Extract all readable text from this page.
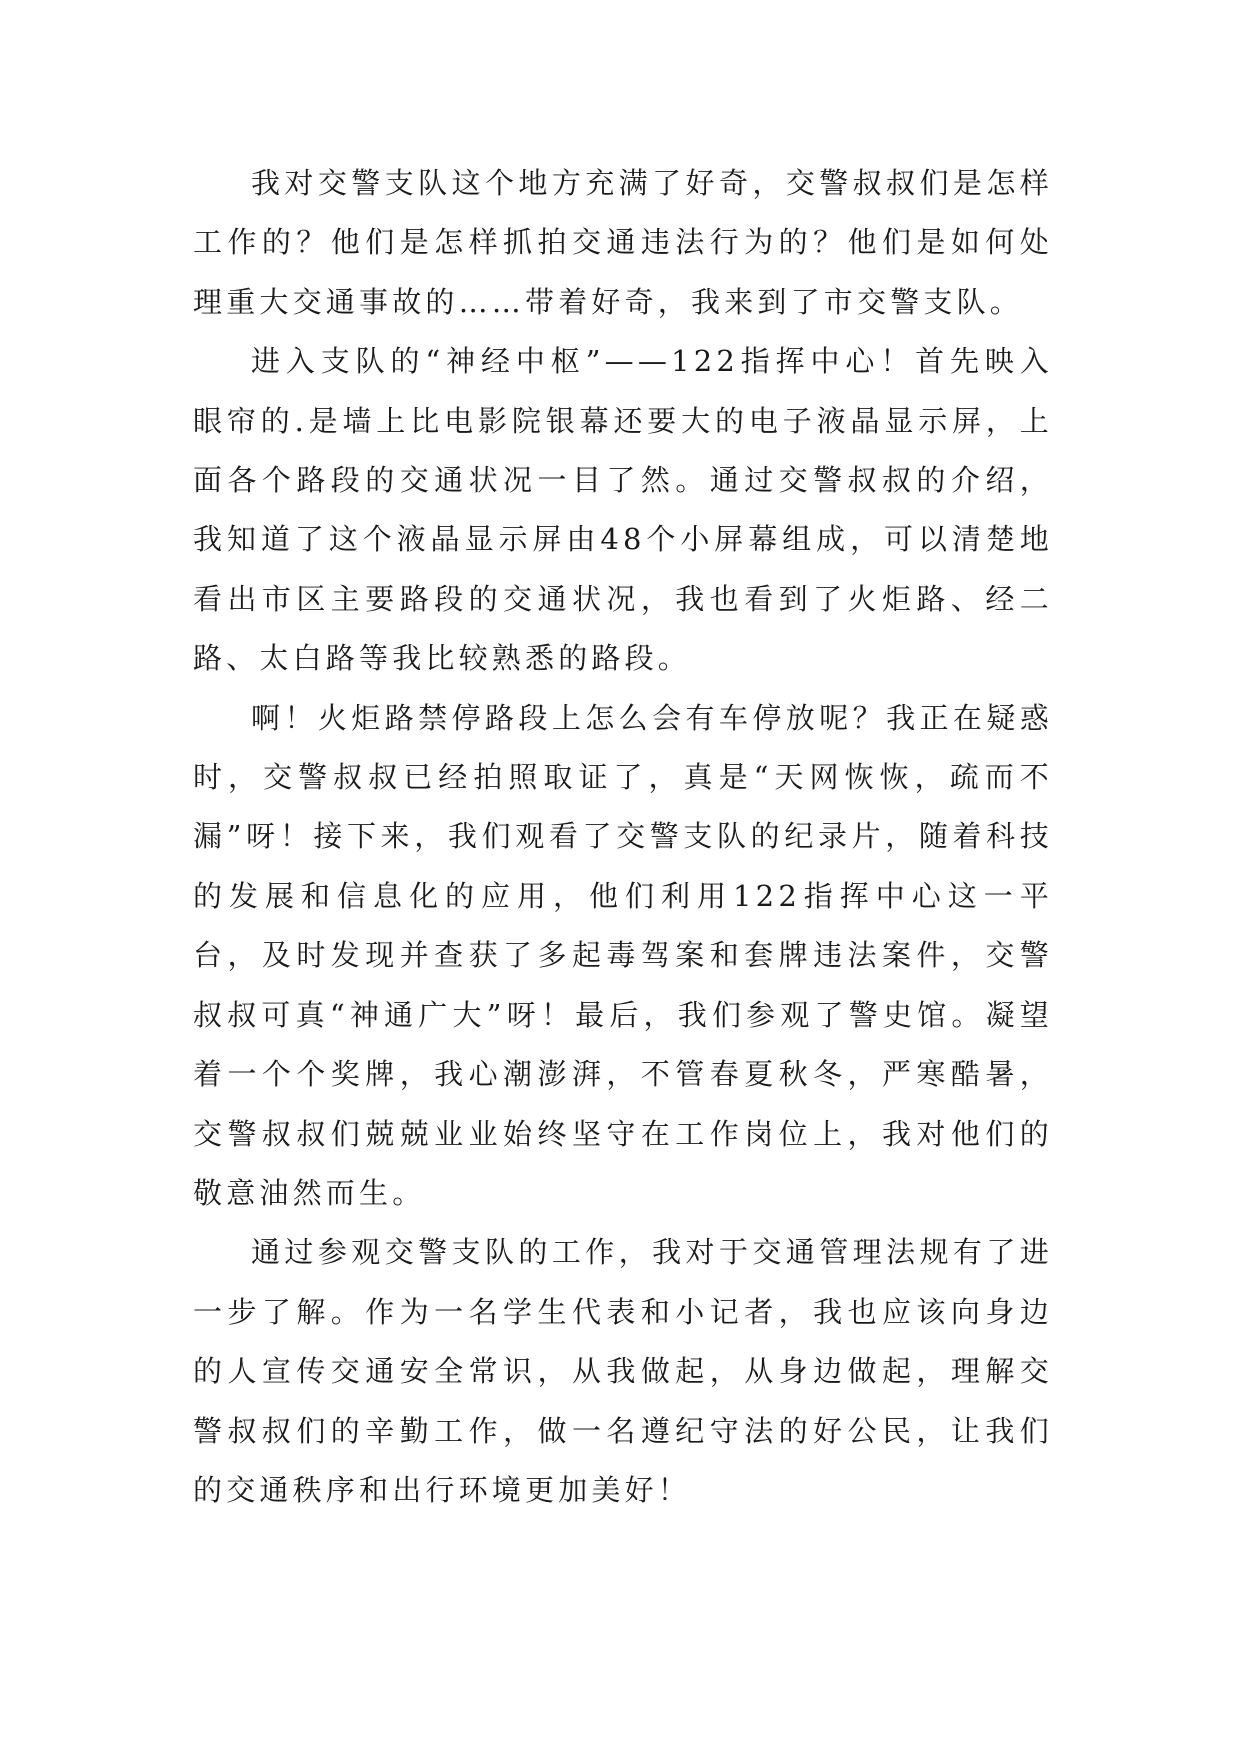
我对交警支队这个地方充满了好奇，交警叔叔们是怎样工作的？他们是怎样抓拍交通违法行为的？他们是如何处理重大交通事故的……带着好奇，我来到了市交警支队。

进入支队的“神经中枢”——122指挥中心！首先映入眼帘的.是墙上比电影院银幕还要大的电子液晶显示屏，上面各个路段的交通状况一目了然。通过交警叔叔的介绍，我知道了这个液晶显示屏由48个小屏幕组成，可以清楚地看出市区主要路段的交通状况，我也看到了火炬路、经二路、太白路等我比较熟悉的路段。

啊！火炬路禁停路段上怎么会有车停放呢？我正在疑惑时，交警叔叔已经拍照取证了，真是“天网恢恢，疏而不漏”呀！接下来，我们观看了交警支队的纪录片，随着科技的发展和信息化的应用，他们利用122指挥中心这一平台，及时发现并查获了多起毒驾案和套牌违法案件，交警叔叔可真“神通广大”呀！最后，我们参观了警史馆。凝望着一个个奖牌，我心潮澎湃，不管春夏秋冬，严寒酷暑，交警叔叔们兢兢业业始终坚守在工作岗位上，我对他们的敬意油然而生。

通过参观交警支队的工作，我对于交通管理法规有了进一步了解。作为一名学生代表和小记者，我也应该向身边的人宣传交通安全常识，从我做起，从身边做起，理解交警叔叔们的辛勤工作，做一名遵纪守法的好公民，让我们的交通秩序和出行环境更加美好！
